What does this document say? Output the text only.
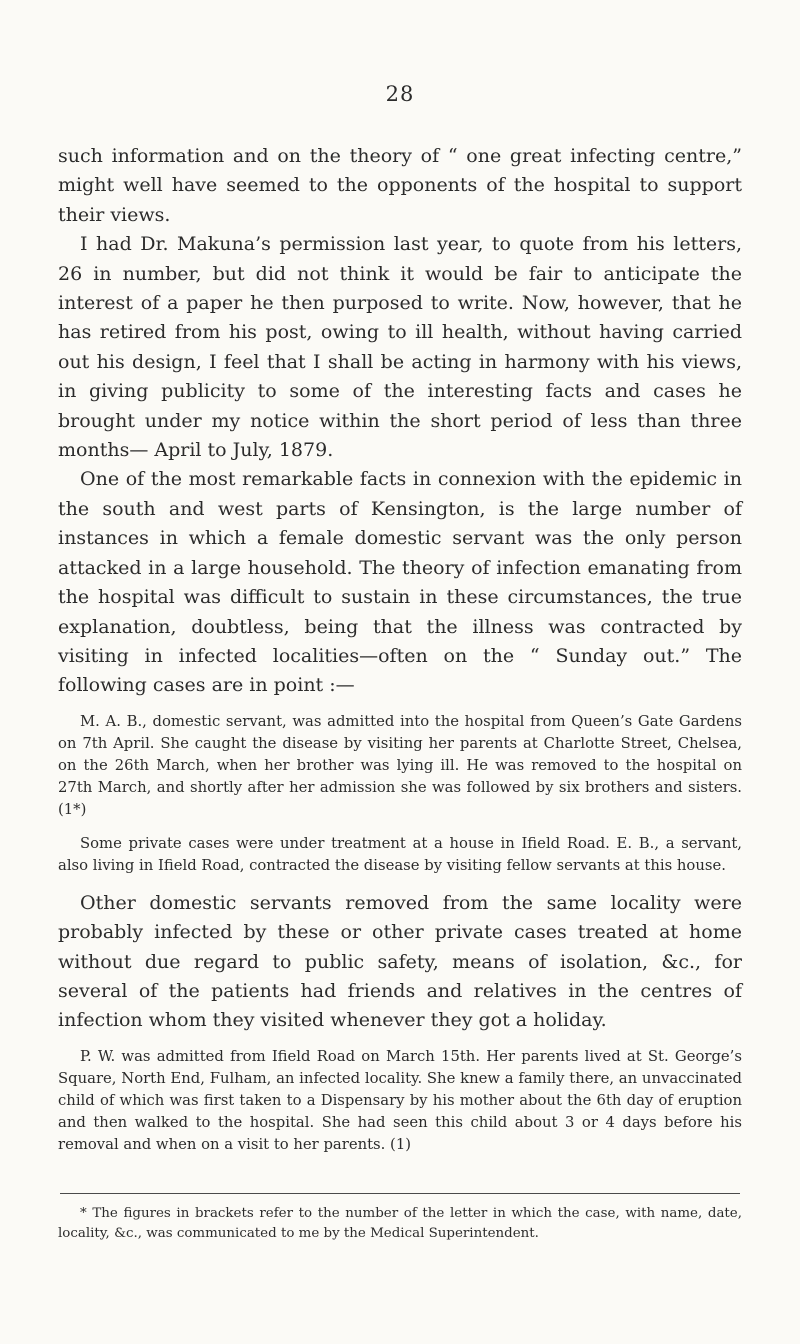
28

such information and on the theory of “ one great infecting centre,” might well have seemed to the opponents of the hospital to support their views.

I had Dr. Makuna’s permission last year, to quote from his letters, 26 in number, but did not think it would be fair to anticipate the interest of a paper he then purposed to write. Now, however, that he has retired from his post, owing to ill health, without having carried out his design, I feel that I shall be acting in harmony with his views, in giving publicity to some of the interesting facts and cases he brought under my notice within the short period of less than three months— April to July, 1879.

One of the most remarkable facts in connexion with the epidemic in the south and west parts of Kensington, is the large number of instances in which a female domestic servant was the only person attacked in a large household. The theory of infection emanating from the hospital was difficult to sustain in these circumstances, the true explanation, doubtless, being that the illness was contracted by visiting in infected localities—often on the “ Sunday out.” The following cases are in point :—

M. A. B., domestic servant, was admitted into the hospital from Queen’s Gate Gardens on 7th April. She caught the disease by visiting her parents at Charlotte Street, Chelsea, on the 26th March, when her brother was lying ill. He was removed to the hospital on 27th March, and shortly after her admission she was followed by six brothers and sisters. (1*)

Some private cases were under treatment at a house in Ifield Road. E. B., a servant, also living in Ifield Road, contracted the disease by visiting fellow servants at this house.

Other domestic servants removed from the same locality were probably infected by these or other private cases treated at home without due regard to public safety, means of isolation, &c., for several of the patients had friends and relatives in the centres of infection whom they visited whenever they got a holiday.

P. W. was admitted from Ifield Road on March 15th. Her parents lived at St. George’s Square, North End, Fulham, an infected locality. She knew a family there, an unvaccinated child of which was first taken to a Dispensary by his mother about the 6th day of eruption and then walked to the hospital. She had seen this child about 3 or 4 days before his removal and when on a visit to her parents. (1)

* The figures in brackets refer to the number of the letter in which the case, with name, date, locality, &c., was communicated to me by the Medical Superintendent.
